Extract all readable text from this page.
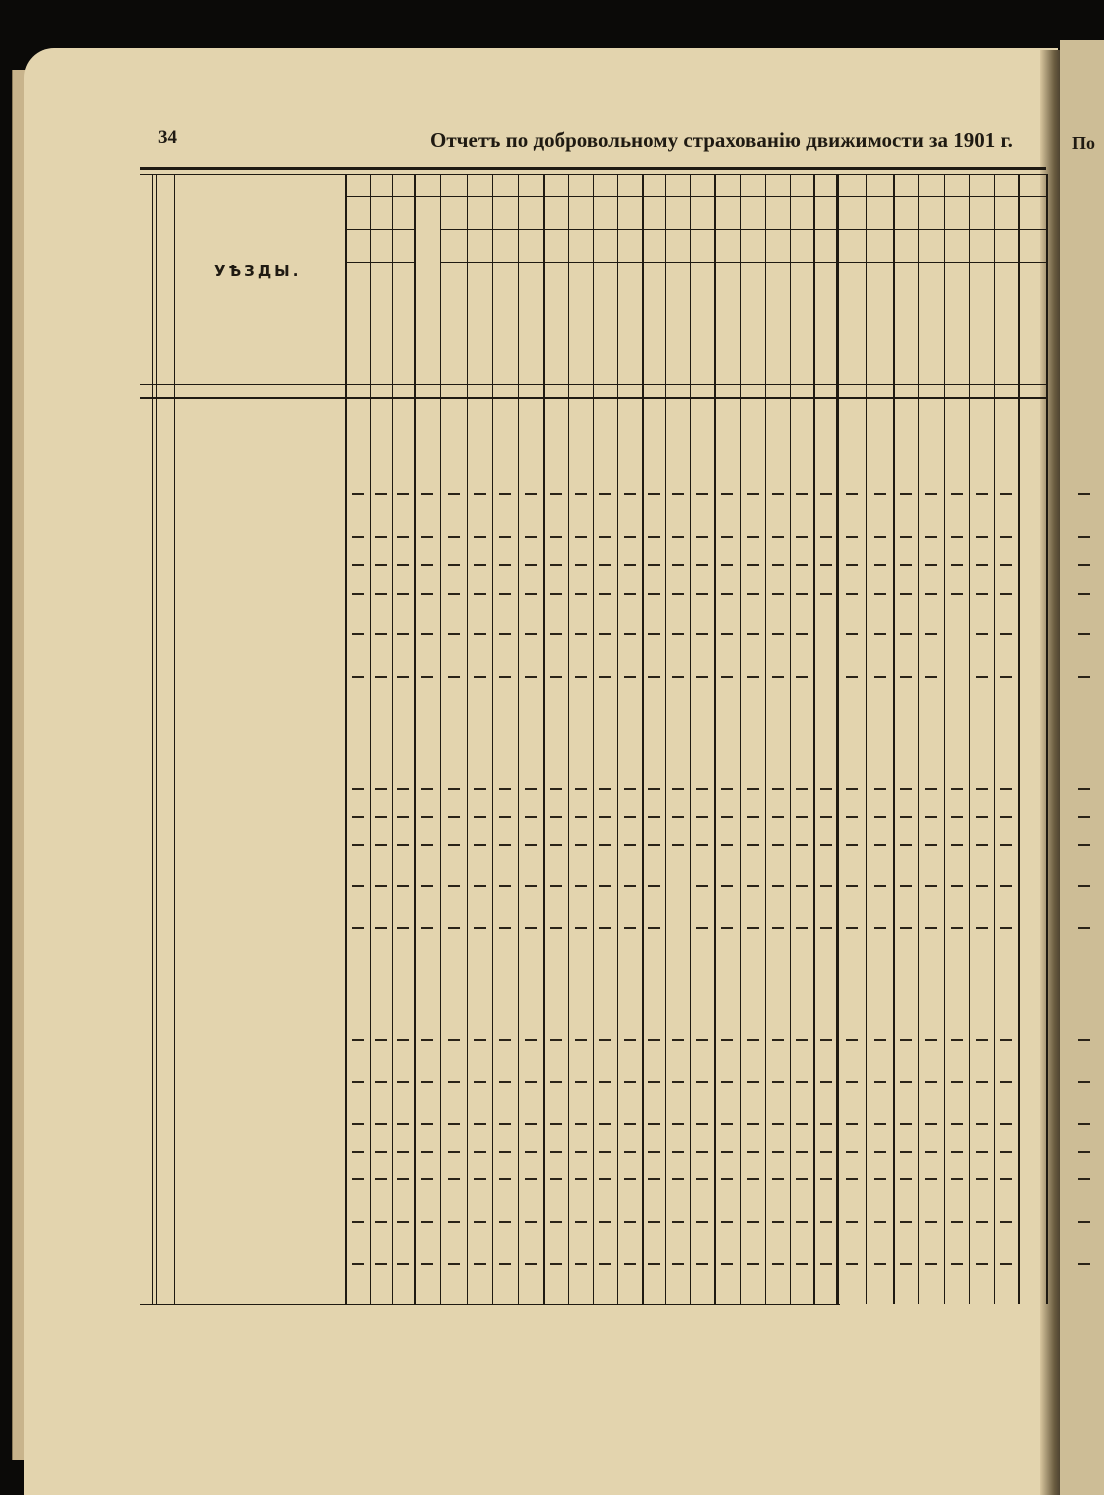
34	Отчетъ по добровольному страхованію движимости за 1901 г.	По
УѢЗДЫ.
